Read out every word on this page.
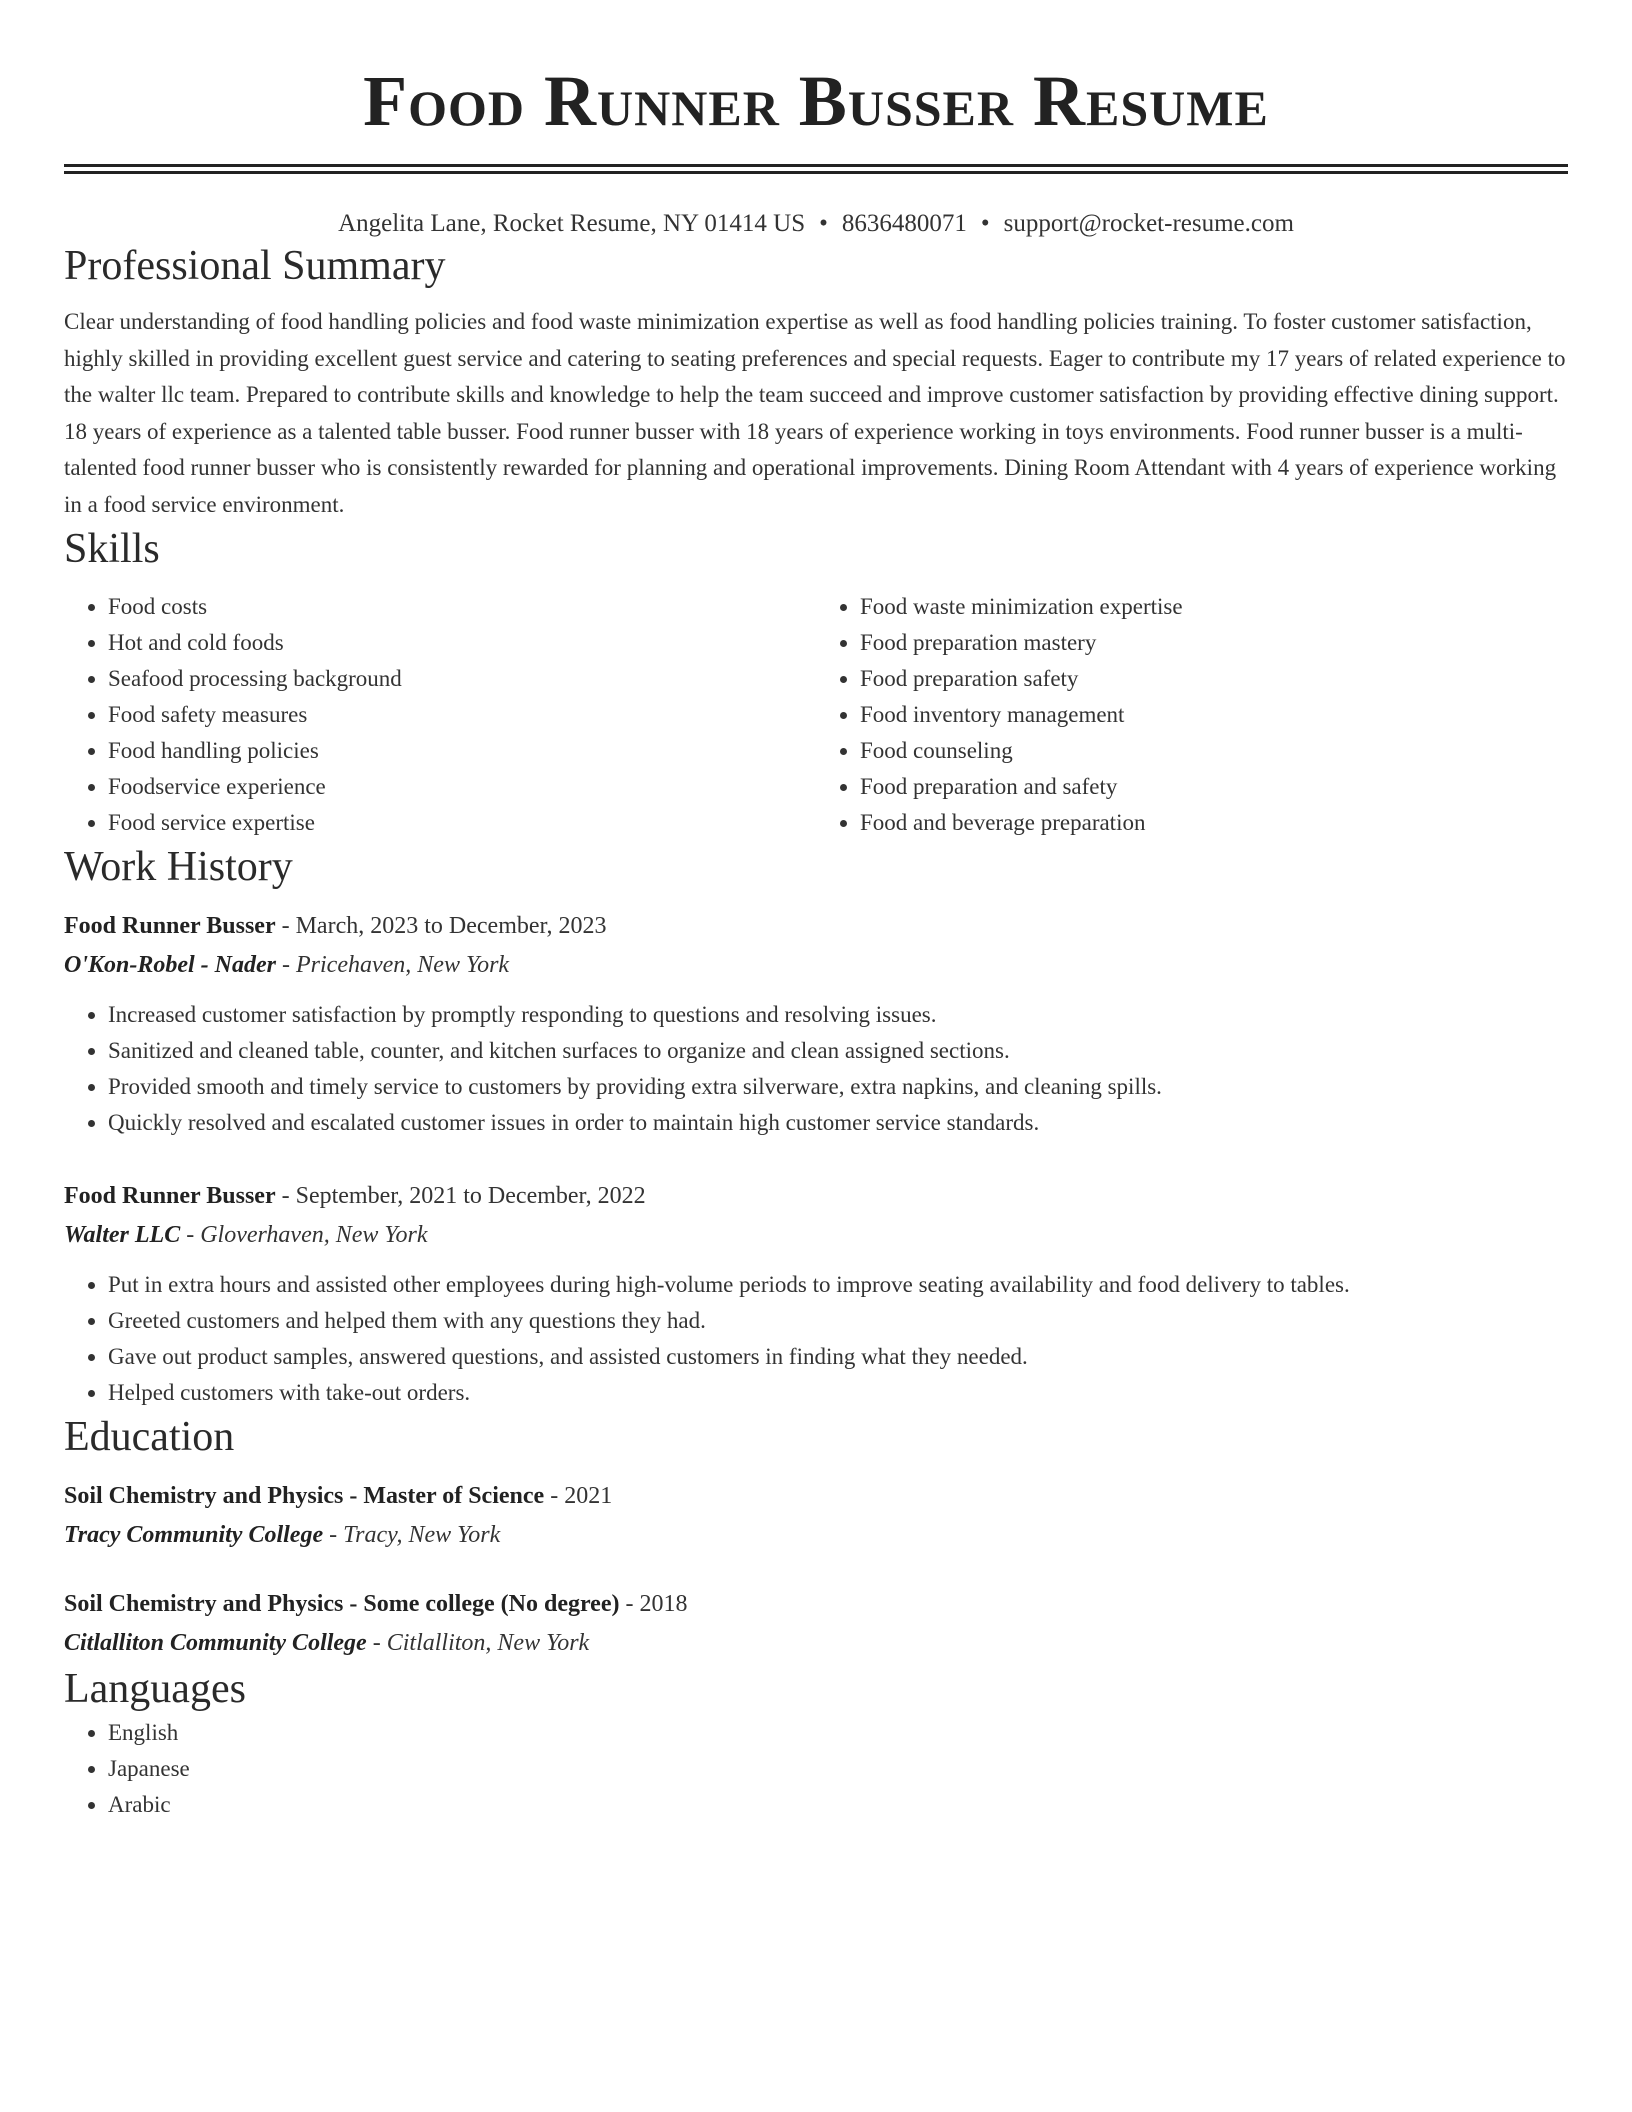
Food Runner Busser Resume
Angelita Lane, Rocket Resume, NY 01414 US • 8636480071 • support@rocket-resume.com
Professional Summary
Clear understanding of food handling policies and food waste minimization expertise as well as food handling policies training. To foster customer satisfaction, highly skilled in providing excellent guest service and catering to seating preferences and special requests. Eager to contribute my 17 years of related experience to the walter llc team. Prepared to contribute skills and knowledge to help the team succeed and improve customer satisfaction by providing effective dining support. 18 years of experience as a talented table busser. Food runner busser with 18 years of experience working in toys environments. Food runner busser is a multi-talented food runner busser who is consistently rewarded for planning and operational improvements. Dining Room Attendant with 4 years of experience working in a food service environment.
Skills
• Food costs
• Hot and cold foods
• Seafood processing background
• Food safety measures
• Food handling policies
• Foodservice experience
• Food service expertise
• Food waste minimization expertise
• Food preparation mastery
• Food preparation safety
• Food inventory management
• Food counseling
• Food preparation and safety
• Food and beverage preparation
Work History
Food Runner Busser - March, 2023 to December, 2023
O'Kon-Robel - Nader - Pricehaven, New York
• Increased customer satisfaction by promptly responding to questions and resolving issues.
• Sanitized and cleaned table, counter, and kitchen surfaces to organize and clean assigned sections.
• Provided smooth and timely service to customers by providing extra silverware, extra napkins, and cleaning spills.
• Quickly resolved and escalated customer issues in order to maintain high customer service standards.
Food Runner Busser - September, 2021 to December, 2022
Walter LLC - Gloverhaven, New York
• Put in extra hours and assisted other employees during high-volume periods to improve seating availability and food delivery to tables.
• Greeted customers and helped them with any questions they had.
• Gave out product samples, answered questions, and assisted customers in finding what they needed.
• Helped customers with take-out orders.
Education
Soil Chemistry and Physics - Master of Science - 2021
Tracy Community College - Tracy, New York
Soil Chemistry and Physics - Some college (No degree) - 2018
Citlalliton Community College - Citlalliton, New York
Languages
• English
• Japanese
• Arabic
